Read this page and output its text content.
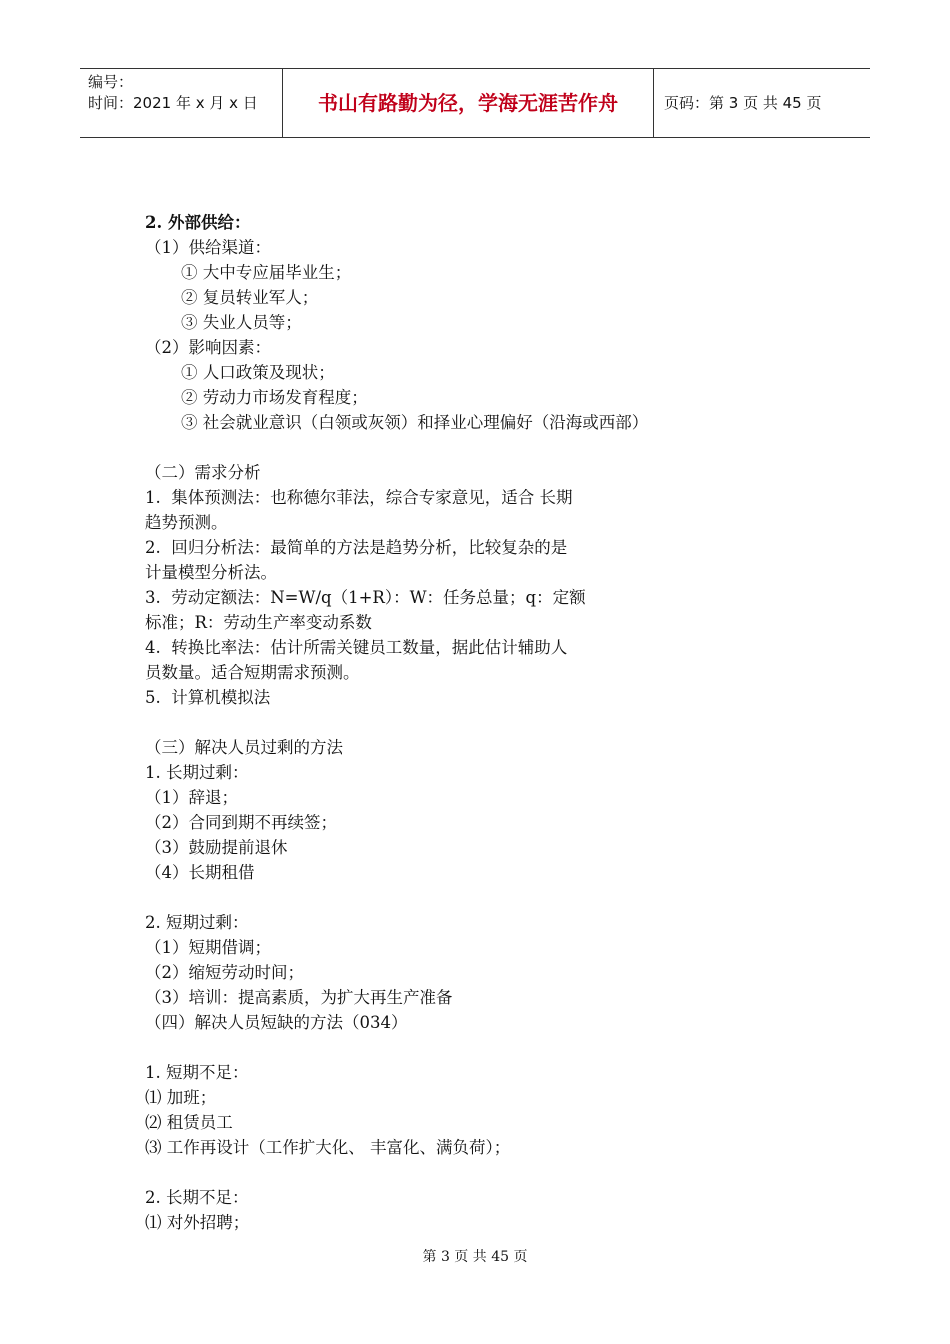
编号：
时间：2021 年 x 月 x 日	书山有路勤为径，学海无涯苦作舟	页码：第 3 页 共 45 页
2. 外部供给：
（1）供给渠道：
① 大中专应届毕业生；
② 复员转业军人；
③ 失业人员等；
（2）影响因素：
① 人口政策及现状；
② 劳动力市场发育程度；
③ 社会就业意识（白领或灰领）和择业心理偏好（沿海或西部）
（二）需求分析
1.  集体预测法：也称德尔菲法，综合专家意见，适合 长期
趋势预测。
2.  回归分析法：最简单的方法是趋势分析，比较复杂的是
计量模型分析法。
3.  劳动定额法：N=W/q（1+R）：W：任务总量；q：定额
标准；R：劳动生产率变动系数
4.  转换比率法：估计所需关键员工数量，据此估计辅助人
员数量。适合短期需求预测。
5.  计算机模拟法
（三）解决人员过剩的方法
1. 长期过剩：
（1）辞退；
（2）合同到期不再续签；
（3）鼓励提前退休
（4）长期租借
2. 短期过剩：
（1）短期借调；
（2）缩短劳动时间；
（3）培训：提高素质，为扩大再生产准备
（四）解决人员短缺的方法（034）
1. 短期不足：
⑴ 加班；
⑵ 租赁员工
⑶ 工作再设计（工作扩大化、 丰富化、满负荷）；
2. 长期不足：
⑴ 对外招聘；
第 3 页 共 45 页
